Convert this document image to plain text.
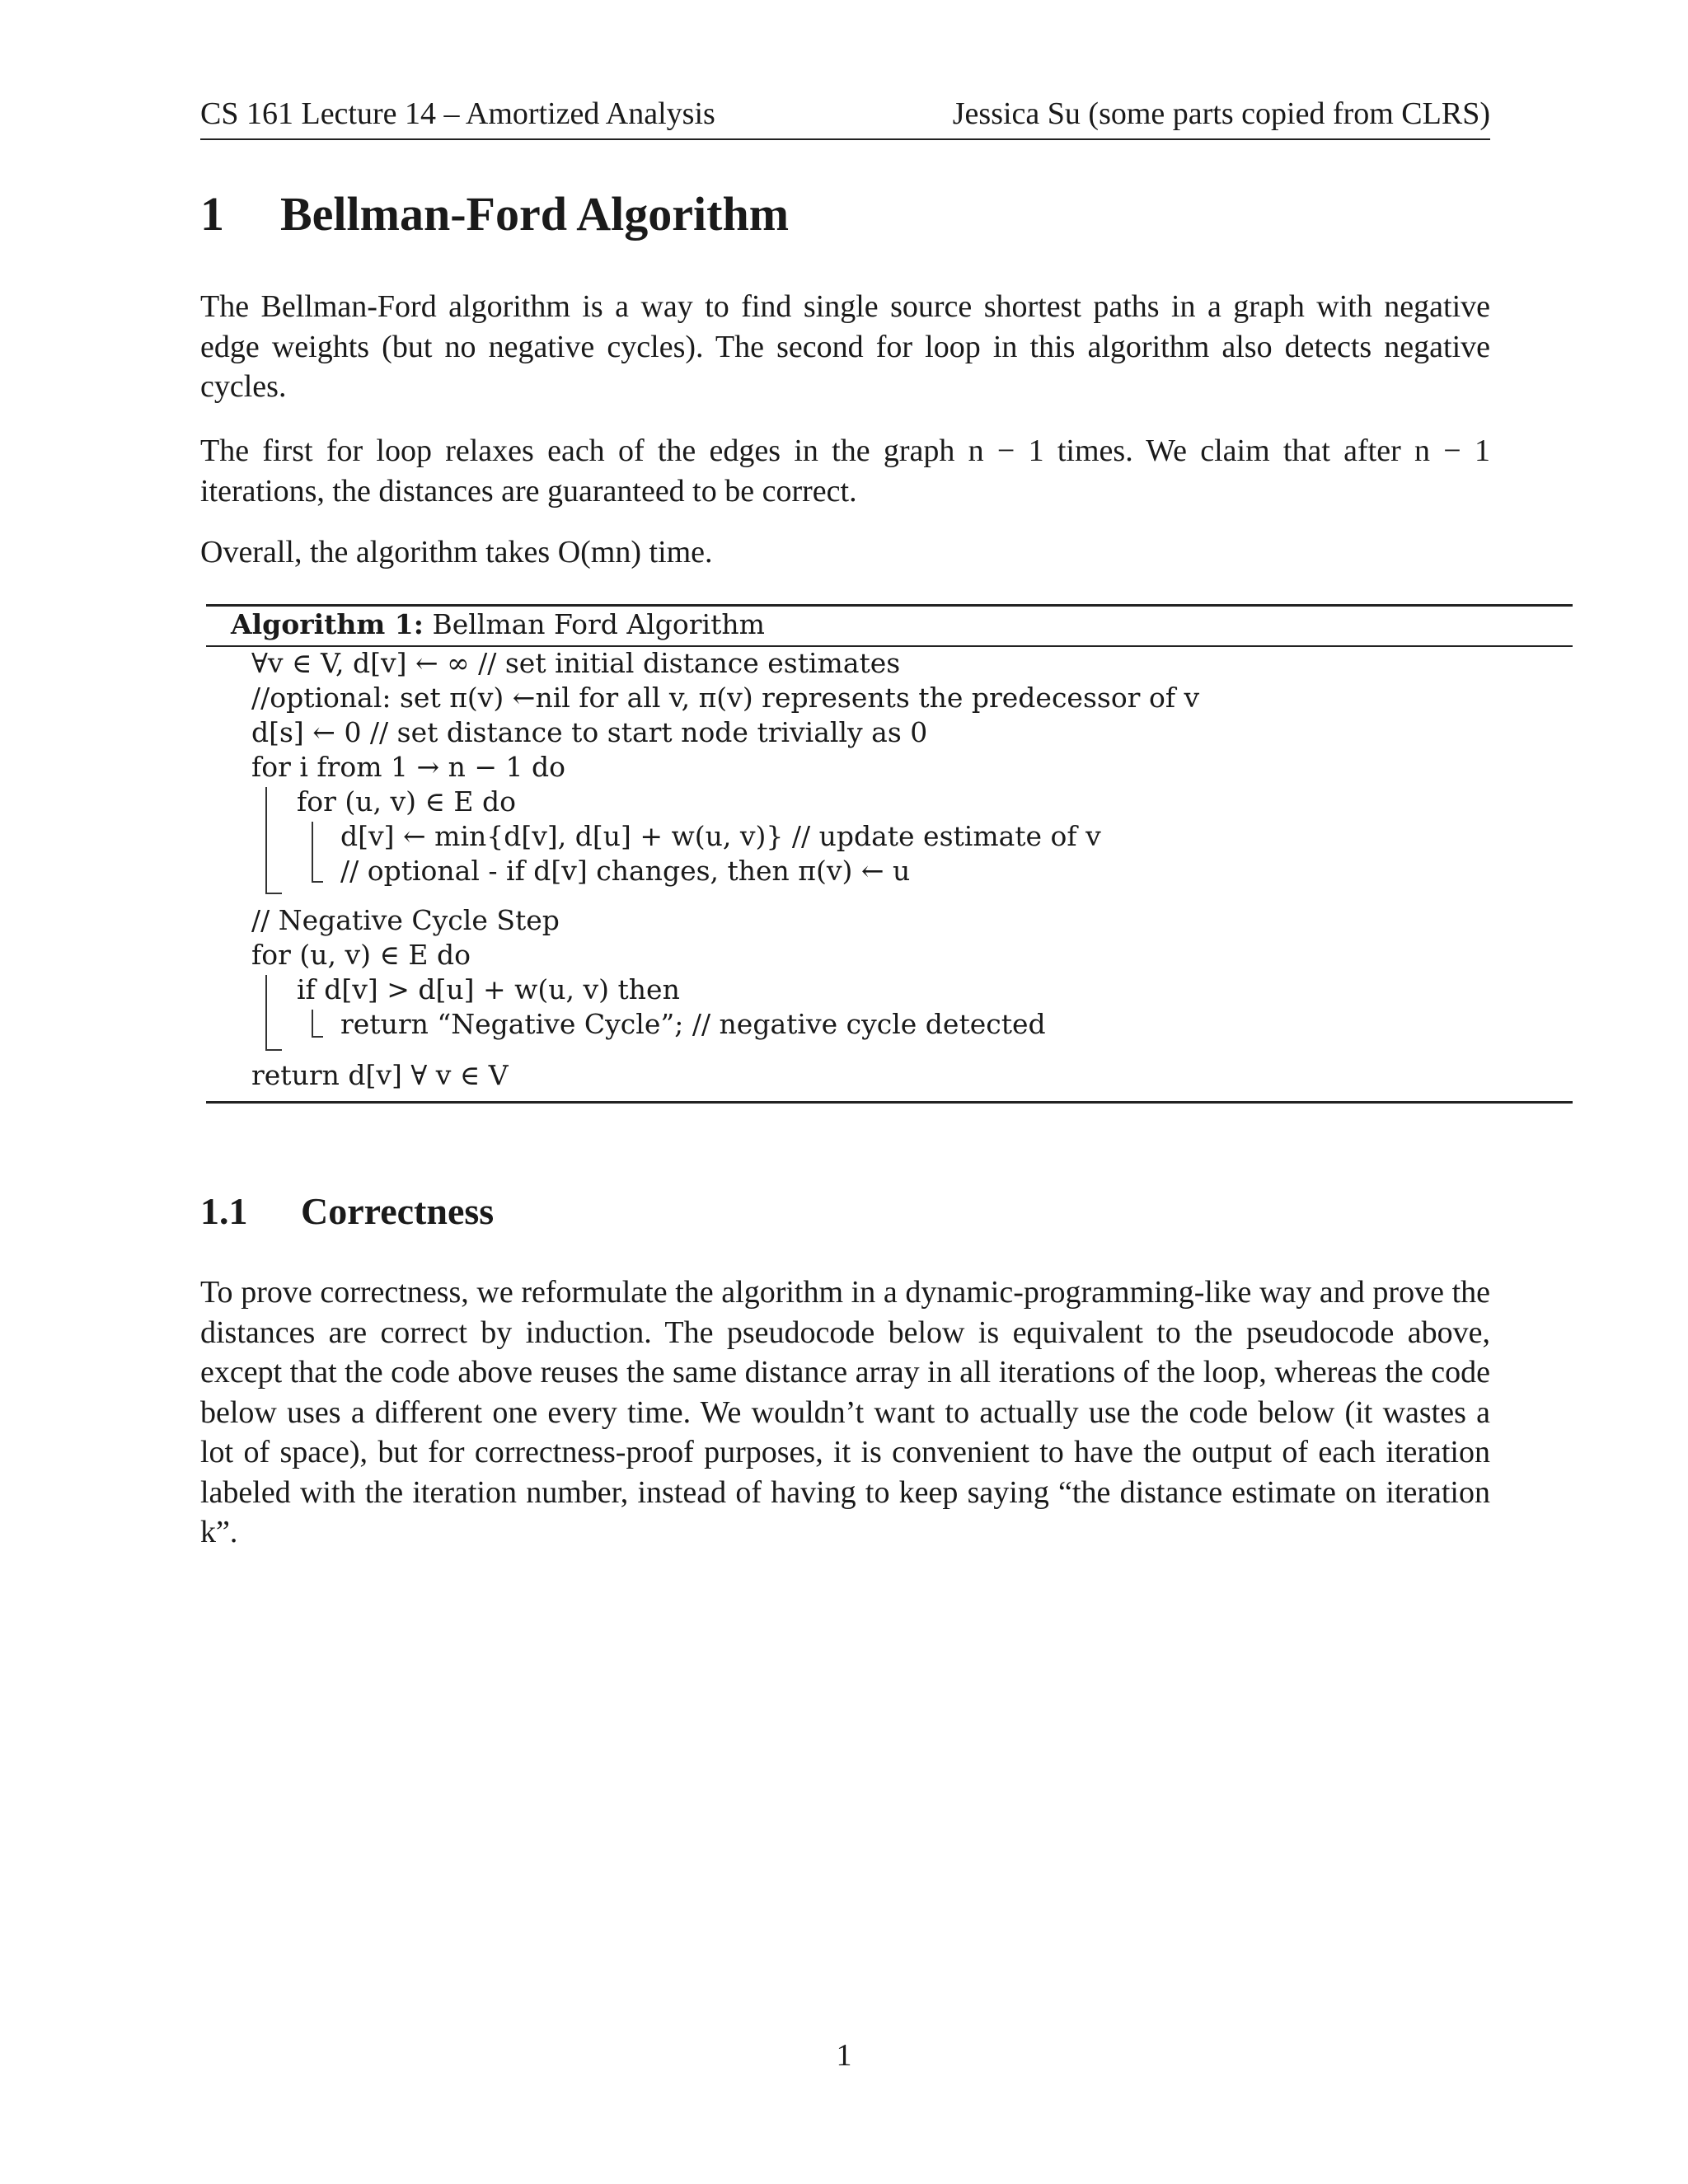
CS 161 Lecture 14 – Amortized Analysis	Jessica Su (some parts copied from CLRS)
1 Bellman-Ford Algorithm

The Bellman-Ford algorithm is a way to find single source shortest paths in a graph with negative edge weights (but no negative cycles). The second for loop in this algorithm also detects negative cycles.

The first for loop relaxes each of the edges in the graph n − 1 times. We claim that after n − 1 iterations, the distances are guaranteed to be correct.

Overall, the algorithm takes O(mn) time.

Algorithm 1: Bellman Ford Algorithm
∀v ∈ V, d[v] ← ∞ // set initial distance estimates
//optional: set π(v) ←nil for all v, π(v) represents the predecessor of v
d[s] ← 0 // set distance to start node trivially as 0
for i from 1 → n − 1 do
for (u, v) ∈ E do
d[v] ← min{d[v], d[u] + w(u, v)} // update estimate of v
// optional - if d[v] changes, then π(v) ← u
// Negative Cycle Step
for (u, v) ∈ E do
if d[v] > d[u] + w(u, v) then
return “Negative Cycle”; // negative cycle detected
return d[v] ∀ v ∈ V
1.1 Correctness

To prove correctness, we reformulate the algorithm in a dynamic-programming-like way and prove the distances are correct by induction. The pseudocode below is equivalent to the pseudocode above, except that the code above reuses the same distance array in all iterations of the loop, whereas the code below uses a different one every time. We wouldn’t want to actually use the code below (it wastes a lot of space), but for correctness-proof purposes, it is convenient to have the output of each iteration labeled with the iteration number, instead of having to keep saying “the distance estimate on iteration k”.

1
